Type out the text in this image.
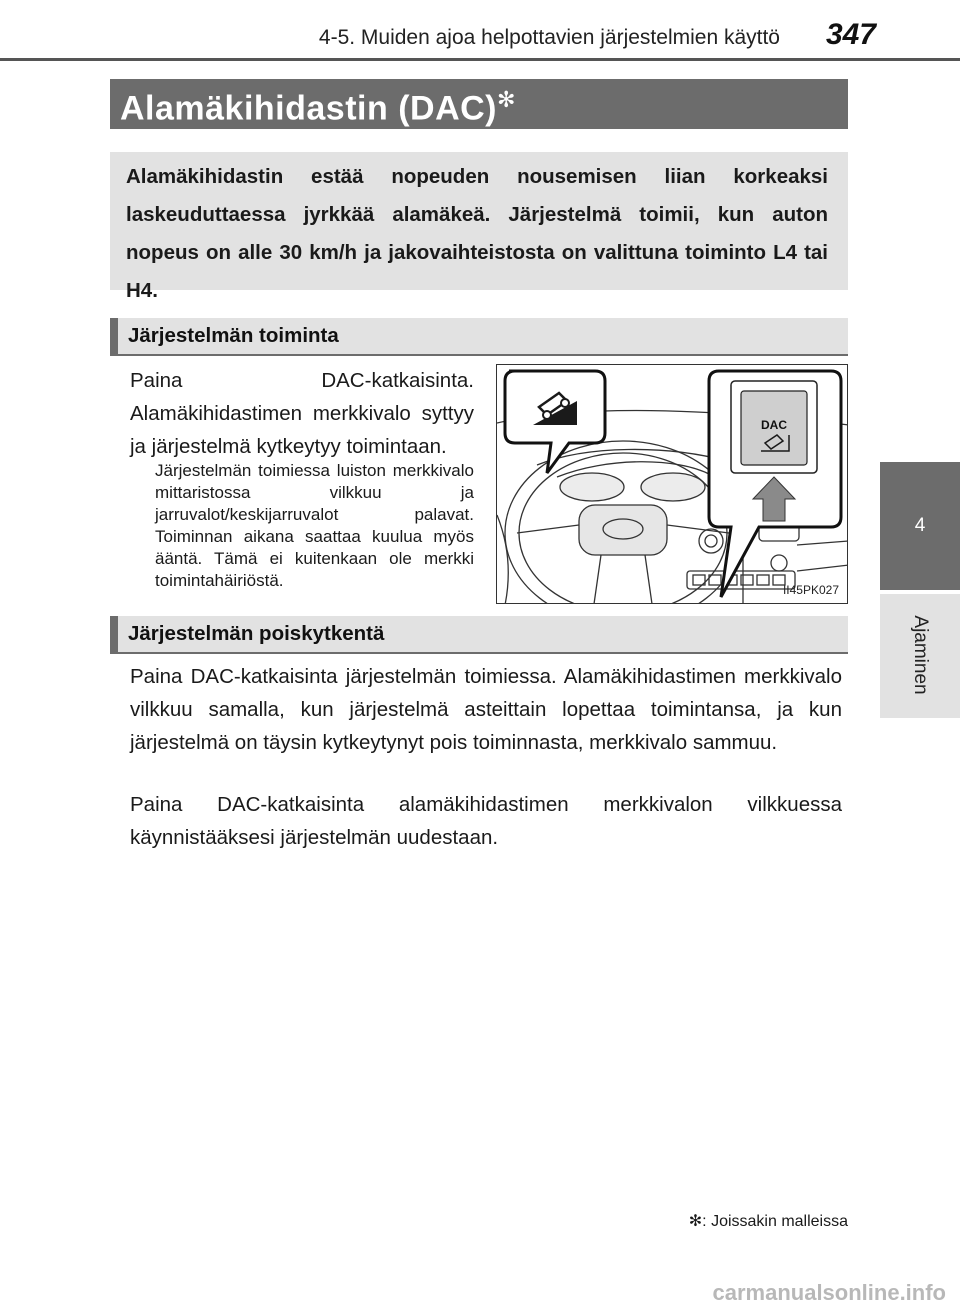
4-5. Muiden ajoa helpottavien järjestelmien käyttö 347
4
Ajaminen
Alamäkihidastin (DAC)✻
Alamäkihidastin estää nopeuden nousemisen liian korkeaksi laskeuduttaessa jyrkkää alamäkeä. Järjestelmä toimii, kun auton nopeus on alle 30 km/h ja jakovaihteistosta on valittuna toiminto L4 tai H4.
Järjestelmän toiminta
Paina DAC-katkaisinta. Alamäkihidastimen merkkivalo syttyy ja järjestelmä kytkeytyy toimintaan.
Järjestelmän toimiessa luiston merkkivalo mittaristossa vilkkuu ja jarruvalot/keskijarruvalot palavat. Toiminnan aikana saattaa kuulua myös ääntä. Tämä ei kuitenkaan ole merkki toimintahäiriöstä.
DAC
II45PK027
Järjestelmän poiskytkentä
Paina DAC-katkaisinta järjestelmän toimiessa. Alamäkihidastimen merkkivalo vilkkuu samalla, kun järjestelmä asteittain lopettaa toimintansa, ja kun järjestelmä on täysin kytkeytynyt pois toiminnasta, merkkivalo sammuu.
Paina DAC-katkaisinta alamäkihidastimen merkkivalon vilkkuessa käynnistääksesi järjestelmän uudestaan.
✻: Joissakin malleissa
carmanualsonline.info
